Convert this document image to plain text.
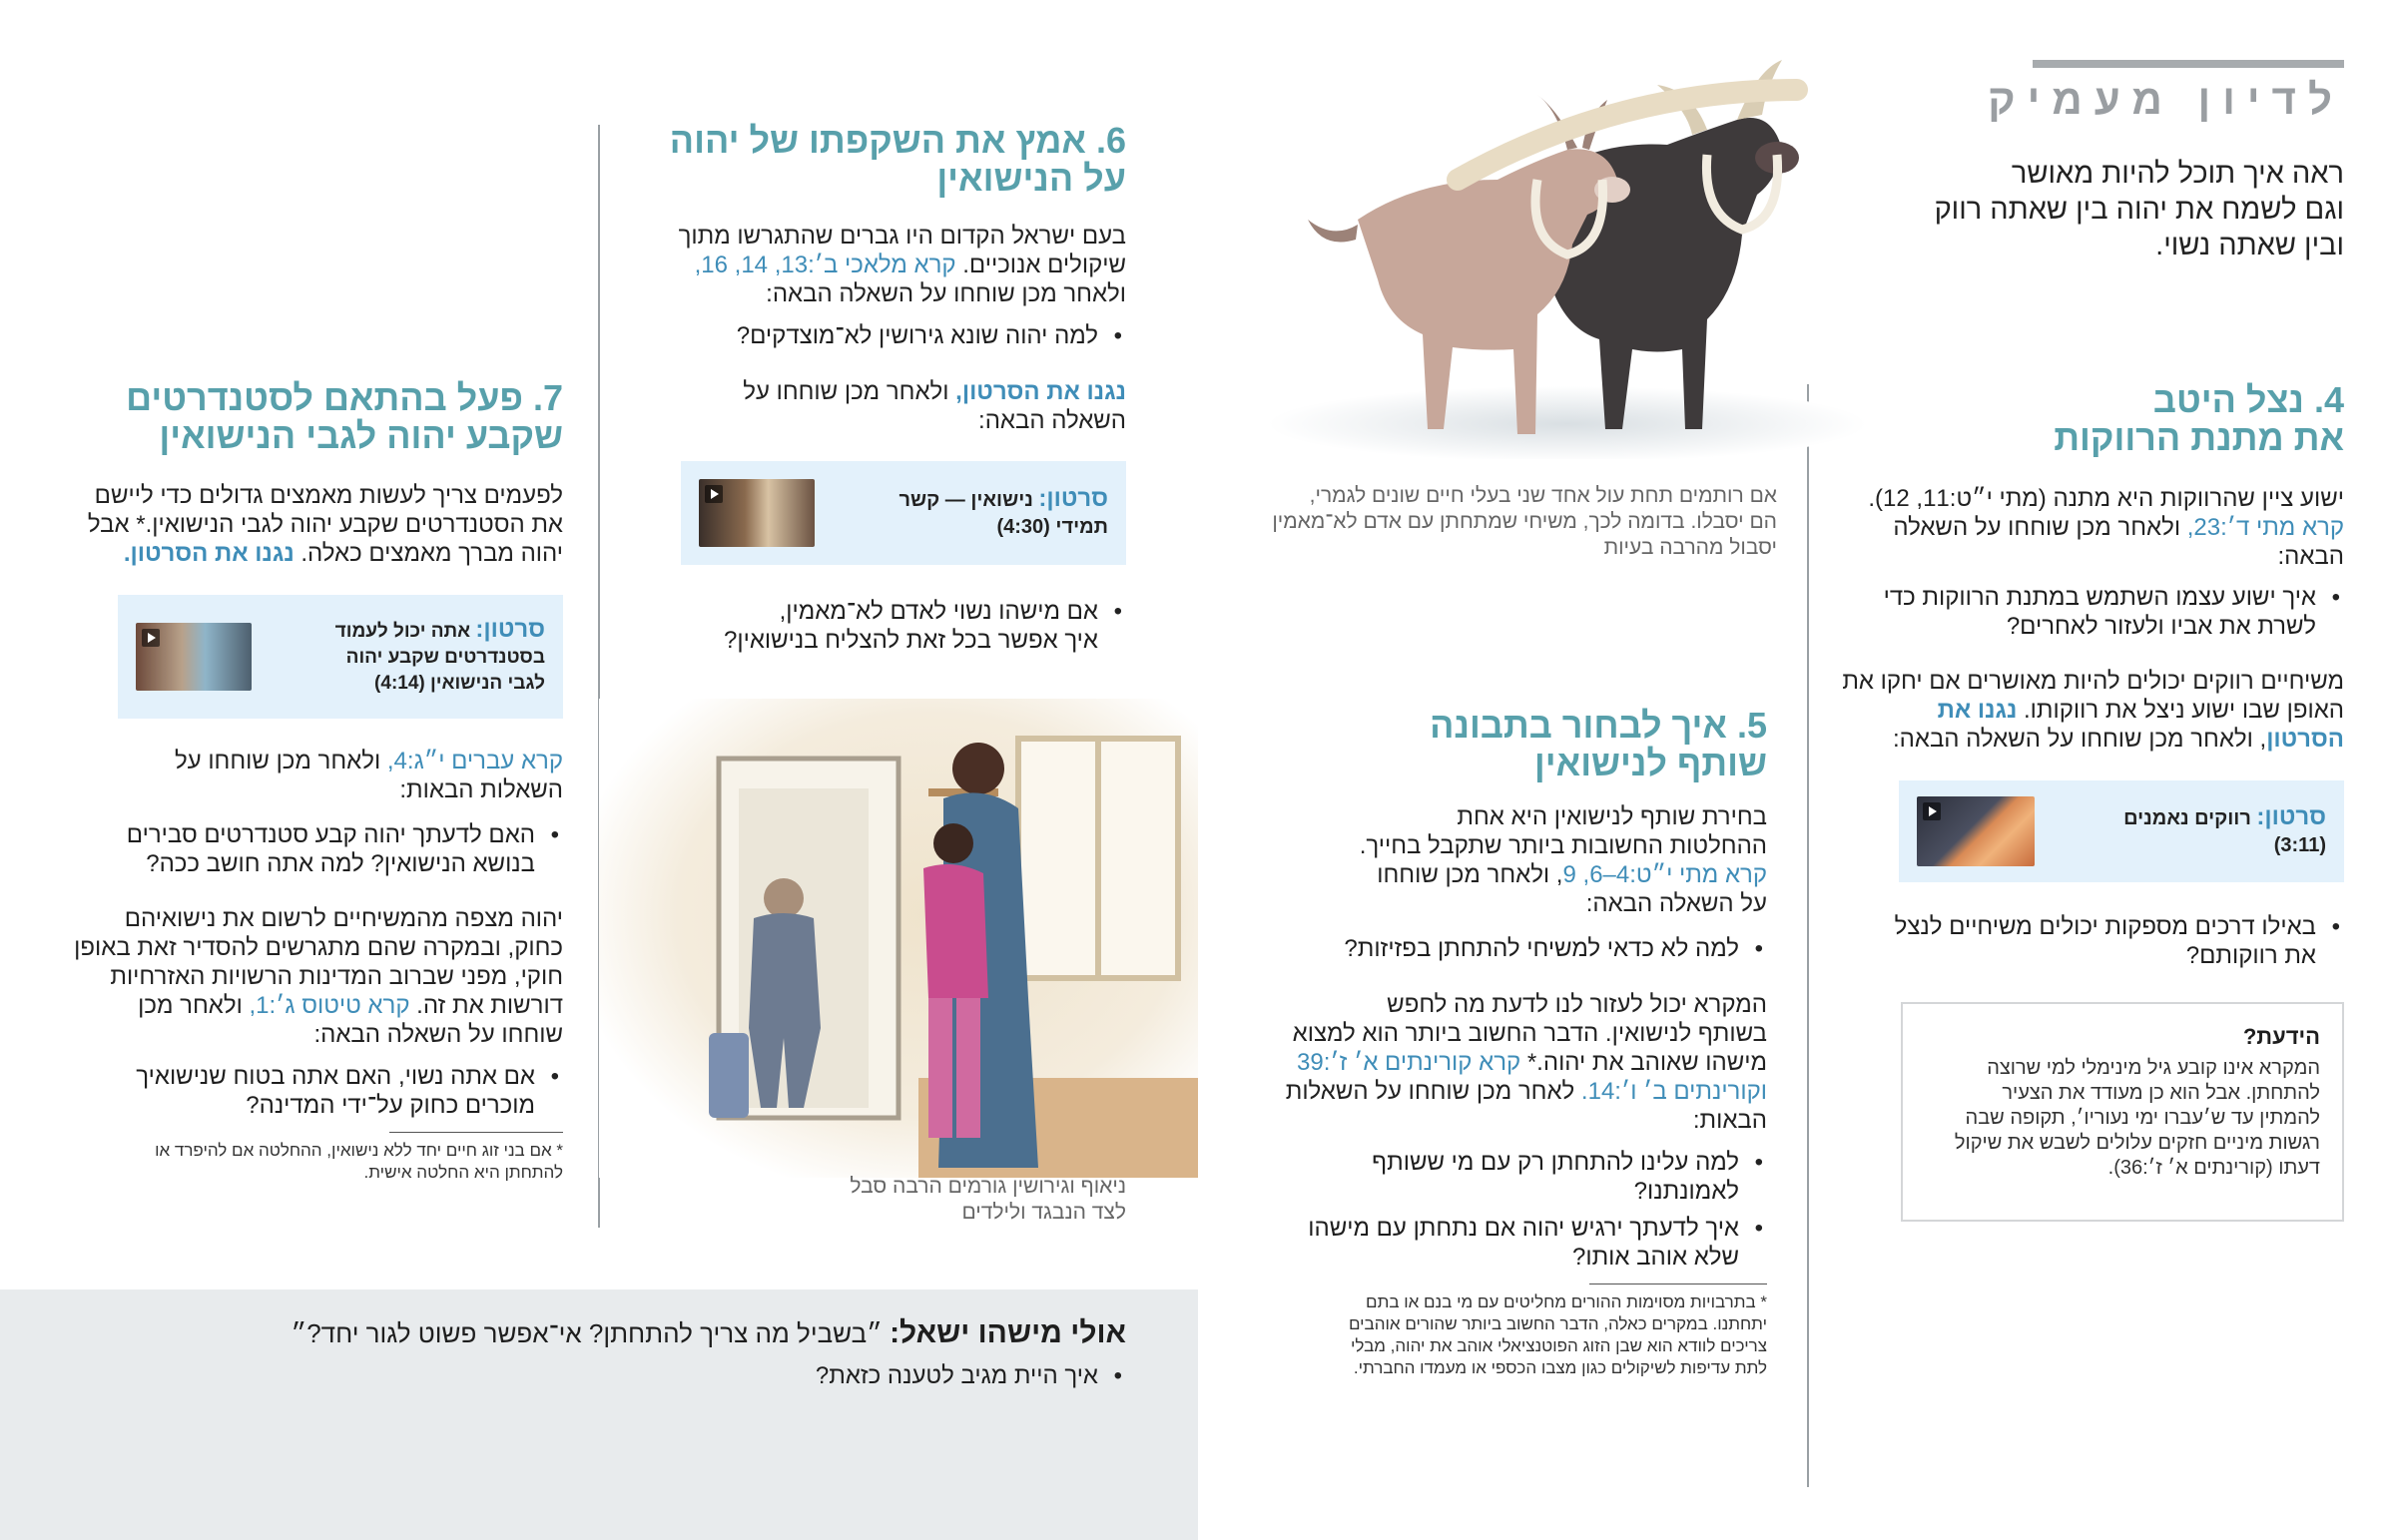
לדיון מעמיק
ראה איך תוכל להיות מאושר
וגם לשמח את יהוה בין שאתה רווק
ובין שאתה נשוי.
4. נצל היטב
את מתנת הרווקות
ישוע ציין שהרווקות היא מתנה (מתי י״ט:11, 12).
קרא מתי ד׳:23, ולאחר מכן שוחחו על השאלה
הבאה:
• איך ישוע עצמו השתמש במתנת הרווקות כדי
לשרת את אביו ולעזור לאחרים?
משיחיים רווקים יכולים להיות מאושרים אם יחקו את
האופן שבו ישוע ניצל את רווקותו. נגנו את
הסרטון, ולאחר מכן שוחחו על השאלה הבאה:
סרטון: רווקים נאמנים
(3:11)
• באילו דרכים מספקות יכולים משיחיים לנצל
את רווקותם?
הידעת?
המקרא אינו קובע גיל מינימלי למי שרוצה
להתחתן. אבל הוא כן מעודד את הצעיר
להמתין עד ש׳עברו ימי נעוריו׳, תקופה שבה
רגשות מיניים חזקים עלולים לשבש את שיקול
דעתו (קורינתים א׳ ז׳:36).
אם רותמים תחת עול אחד שני בעלי חיים שונים לגמרי,
הם יסבלו. בדומה לכך, משיחי שמתחתן עם אדם לא־מאמין
יסבול מהרבה בעיות
5. איך לבחור בתבונה
שותף לנישואין
בחירת שותף לנישואין היא אחת
ההחלטות החשובות ביותר שתקבל בחייך.
קרא מתי י״ט:4–6, 9, ולאחר מכן שוחחו
על השאלה הבאה:
• למה לא כדאי למשיחי להתחתן בפזיזות?
המקרא יכול לעזור לנו לדעת מה לחפש
בשותף לנישואין. הדבר החשוב ביותר הוא למצוא
מישהו שאוהב את יהוה.* קרא קורינתים א׳ ז׳:39
וקורינתים ב׳ ו׳:14. לאחר מכן שוחחו על השאלות
הבאות:
• למה עלינו להתחתן רק עם מי ששותף
לאמונתנו?
• איך לדעתך ירגיש יהוה אם נתחתן עם מישהו
שלא אוהב אותו?
* בתרבויות מסוימות ההורים מחליטים עם מי בנם או בתם
יתחתנו. במקרים כאלה, הדבר החשוב ביותר שהורים אוהבים
צריכים לוודא הוא שבן הזוג הפוטנציאלי אוהב את יהוה, מבלי
לתת עדיפות לשיקולים כגון מצבו הכספי או מעמדו החברתי.
6. אמץ את השקפתו של יהוה
על הנישואין
בעם ישראל הקדום היו גברים שהתגרשו מתוך
שיקולים אנוכיים. קרא מלאכי ב׳:13, 14, 16,
ולאחר מכן שוחחו על השאלה הבאה:
• למה יהוה שונא גירושין לא־מוצדקים?
נגנו את הסרטון, ולאחר מכן שוחחו על
השאלה הבאה:
סרטון: נישואין — קשר
תמידי (4:30)
• אם מישהו נשוי לאדם לא־מאמין,
איך אפשר בכל זאת להצליח בנישואין?
ניאוף וגירושין גורמים הרבה סבל
לצד הנבגד ולילדים
7. פעל בהתאם לסטנדרטים
שקבע יהוה לגבי הנישואין
לפעמים צריך לעשות מאמצים גדולים כדי ליישם
את הסטנדרטים שקבע יהוה לגבי הנישואין.* אבל
יהוה מברך מאמצים כאלה. נגנו את הסרטון.
סרטון: אתה יכול לעמוד
בסטנדרטים שקבע יהוה
לגבי הנישואין (4:14)
קרא עברים י״ג:4, ולאחר מכן שוחחו על
השאלות הבאות:
• האם לדעתך יהוה קבע סטנדרטים סבירים
בנושא הנישואין? למה אתה חושב ככה?
יהוה מצפה מהמשיחיים לרשום את נישואיהם
כחוק, ובמקרה שהם מתגרשים להסדיר זאת באופן
חוקי, מפני שברוב המדינות הרשויות האזרחיות
דורשות את זה. קרא טיטוס ג׳:1, ולאחר מכן
שוחחו על השאלה הבאה:
• אם אתה נשוי, האם אתה בטוח שנישואיך
מוכרים כחוק על־ידי המדינה?
* אם בני זוג חיים יחד ללא נישואין, ההחלטה אם להיפרד או
להתחתן היא החלטה אישית.
אולי מישהו ישאל: ״בשביל מה צריך להתחתן? אי־אפשר פשוט לגור יחד?״
• איך היית מגיב לטענה כזאת?
